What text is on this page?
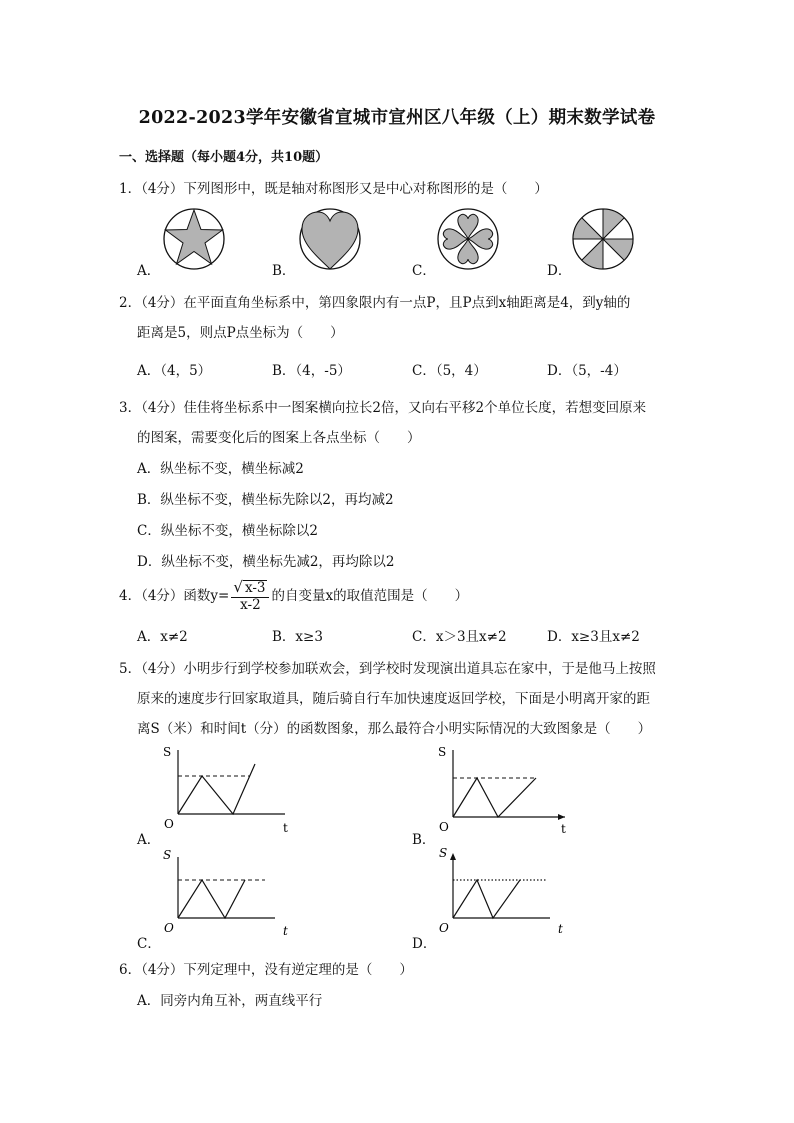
2022-2023学年安徽省宣城市宣州区八年级（上）期末数学试卷
一、选择题（每小题4分，共10题）
1．（4分）下列图形中，既是轴对称图形又是中心对称图形的是（　　）
A．	B．	C．	D．
2．（4分）在平面直角坐标系中，第四象限内有一点P，且P点到x轴距离是4，到y轴的
距离是5，则点P点坐标为（　　）
A．（4，5）	B．（4，-5）	C．（5，4）	D．（5，-4）
3．（4分）佳佳将坐标系中一图案横向拉长2倍，又向右平移2个单位长度，若想变回原来
的图案，需要变化后的图案上各点坐标（　　）
A．纵坐标不变，横坐标减2
B．纵坐标不变，横坐标先除以2，再均减2
C．纵坐标不变，横坐标除以2
D．纵坐标不变，横坐标先减2，再均除以2
4．（4分）函数$y= \frac{√ x-3}{x-2}$ 的自变量x的取值范围是（　　）
A．x≠2	B．x≥3	C．x＞3且x≠2	D．x≥3且x≠2
5．（4分）小明步行到学校参加联欢会，到学校时发现演出道具忘在家中，于是他马上按照
原来的速度步行回家取道具，随后骑自行车加快速度返回学校，下面是小明离开家的距
离S（米）和时间t（分）的函数图象，那么最符合小明实际情况的大致图象是（　　）
S
O	t
A．
S
O	t
B．
S
O	t
C．
S
O	t
D．
6．（4分）下列定理中，没有逆定理的是（　　）
A．同旁内角互补，两直线平行
